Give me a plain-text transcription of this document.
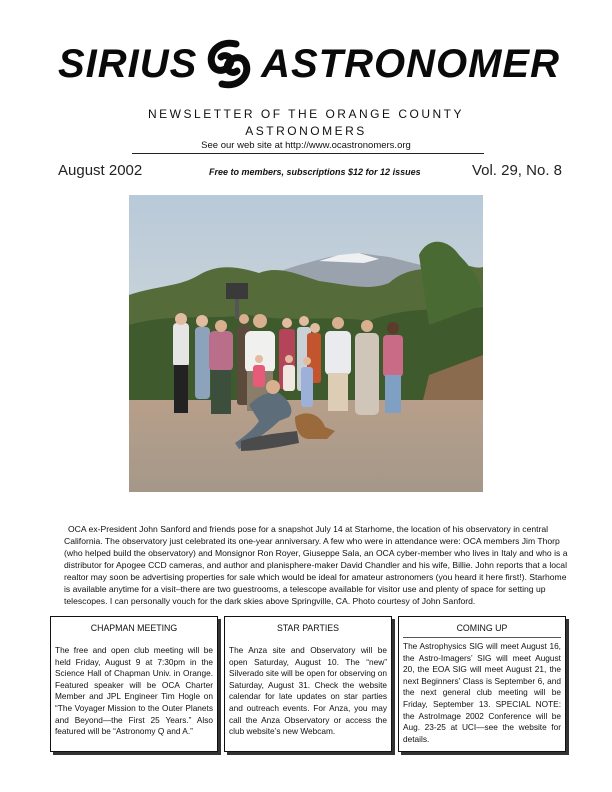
SIRIUS ASTRONOMER
NEWSLETTER OF THE ORANGE COUNTY
ASTRONOMERS
See our web site at http://www.ocastronomers.org
August 2002	Free to members, subscriptions $12 for 12 issues	Vol. 29, No. 8
OCA ex-President John Sanford and friends pose for a snapshot July 14 at Starhome, the location of his observatory in central California. The observatory just celebrated its one-year anniversary. A few who were in attendance were: OCA members Jim Thorp (who helped build the observatory) and Monsignor Ron Royer, Giuseppe Sala, an OCA cyber-member who lives in Italy and who is a distributor for Apogee CCD cameras, and author and planisphere-maker David Chandler and his wife, Billie. John reports that a local realtor may soon be advertising properties for sale which would be ideal for amateur astronomers (you heard it here first!). Starhome is available anytime for a visit–there are two guestrooms, a telescope available for visitor use and plenty of space for setting up telescopes. I can personally vouch for the dark skies above Springville, CA. Photo courtesy of John Sanford.
CHAPMAN MEETING
The free and open club meeting will be held Friday, August 9 at 7:30pm in the Science Hall of Chapman Univ. in Orange. Featured speaker will be OCA Charter Member and JPL Engineer Tim Hogle on “The Voyager Mission to the Outer Planets and Beyond—the First 25 Years.” Also featured will be “Astronomy Q and A.”
STAR PARTIES
The Anza site and Observatory will be open Saturday, August 10. The “new” Silverado site will be open for observing on Saturday, August 31. Check the website calendar for late updates on star parties and outreach events. For Anza, you may call the Anza Observatory or access the club website’s new Webcam.
COMING UP
The Astrophysics SIG will meet August 16, the Astro-Imagers’ SIG will meet August 20, the EOA SIG will meet August 21, the next Beginners’ Class is September 6, and the next general club meeting will be Friday, September 13. SPECIAL NOTE: the AstroImage 2002 Conference will be Aug. 23-25 at UCI—see the website for details.
